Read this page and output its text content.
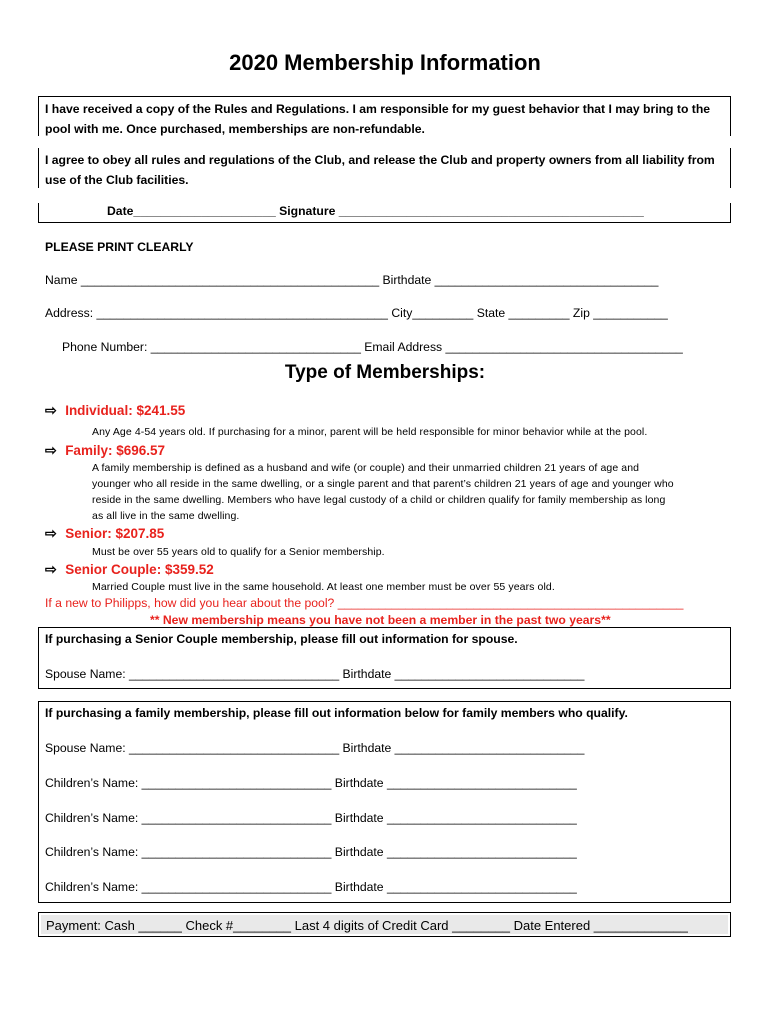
2020 Membership Information
I have received a copy of the Rules and Regulations. I am responsible for my guest behavior that I may bring to the pool with me. Once purchased, memberships are non-refundable.
I agree to obey all rules and regulations of the Club, and release the Club and property owners from all liability from use of the Club facilities.
Date_____________________ Signature _____________________________________________
PLEASE PRINT CLEARLY
Name ____________________________________________ Birthdate _________________________________
Address: ___________________________________________ City_________ State _________ Zip ___________
Phone Number: _______________________________ Email Address ___________________________________
Type of Memberships:
⇨ Individual: $241.55
Any Age 4-54 years old. If purchasing for a minor, parent will be held responsible for minor behavior while at the pool.
⇨ Family: $696.57
A family membership is defined as a husband and wife (or couple) and their unmarried children 21 years of age and
younger who all reside in the same dwelling, or a single parent and that parent’s children 21 years of age and younger who
reside in the same dwelling. Members who have legal custody of a child or children qualify for family membership as long
as all live in the same dwelling.
⇨ Senior: $207.85
Must be over 55 years old to qualify for a Senior membership.
⇨ Senior Couple: $359.52
Married Couple must live in the same household. At least one member must be over 55 years old.
If a new to Philipps, how did you hear about the pool? ___________________________________________________
** New membership means you have not been a member in the past two years**
If purchasing a Senior Couple membership, please fill out information for spouse.
Spouse Name: _______________________________ Birthdate ____________________________
If purchasing a family membership, please fill out information below for family members who qualify.
Spouse Name: _______________________________ Birthdate ____________________________
Children’s Name: ____________________________ Birthdate ____________________________
Children’s Name: ____________________________ Birthdate ____________________________
Children’s Name: ____________________________ Birthdate ____________________________
Children’s Name: ____________________________ Birthdate ____________________________
Payment: Cash ______ Check #________ Last 4 digits of Credit Card ________ Date Entered _____________
